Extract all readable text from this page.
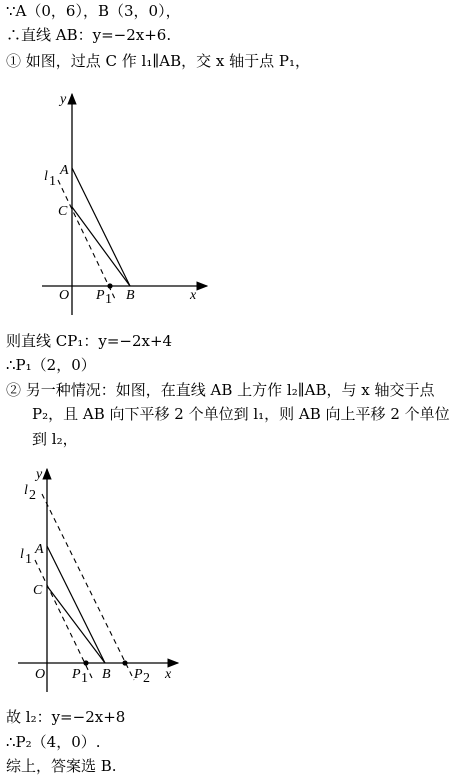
∵A（0，6），B（3，0），
∴直线 AB：y=−2x+6.
① 如图，过点 C 作 l₁∥AB，交 x 轴于点 P₁，
y
x
O
A
C
B
P 1
l 1
则直线 CP₁：y=−2x+4
∴P₁（2，0）
② 另一种情况：如图，在直线 AB 上方作 l₂∥AB，与 x 轴交于点
P₂，且 AB 向下平移 2 个单位到 l₁，则 AB 向上平移 2 个单位
到 l₂，
y
x
O
A
C
B
P 1	P 2
l 1
l 2
故 l₂：y=−2x+8
∴P₂（4，0）.
综上，答案选 B.
